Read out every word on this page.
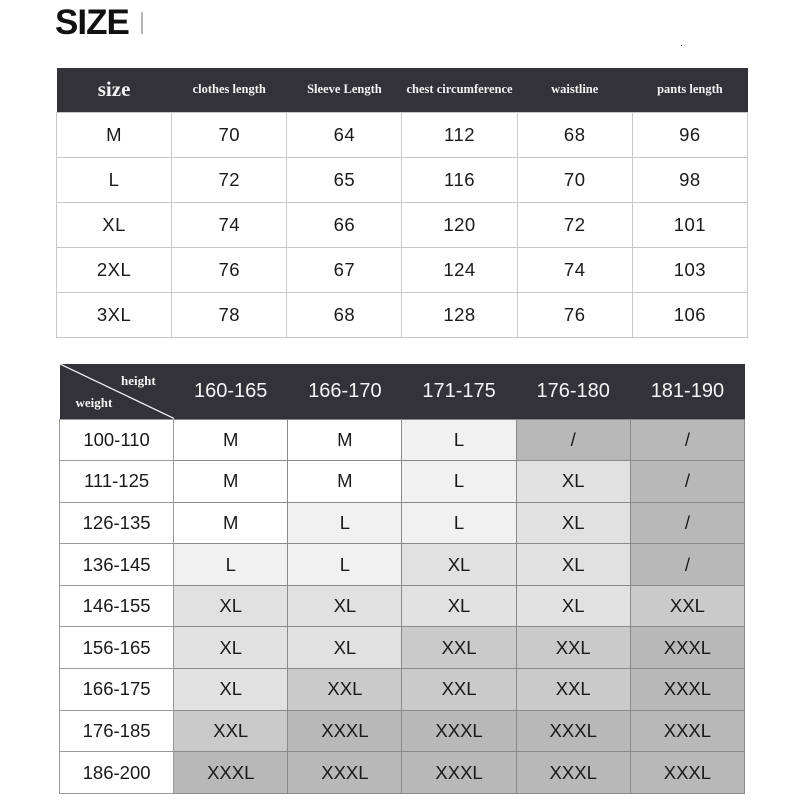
SIZE
size	clothes length	Sleeve Length	chest circumference	waistline	pants length
M	70	64	112	68	96
L	72	65	116	70	98
XL	74	66	120	72	101
2XL	76	67	124	74	103
3XL	78	68	128	76	106
height
weight	160-165	166-170	171-175	176-180	181-190
100-110	M	M	L	/	/
111-125	M	M	L	XL	/
126-135	M	L	L	XL	/
136-145	L	L	XL	XL	/
146-155	XL	XL	XL	XL	XXL
156-165	XL	XL	XXL	XXL	XXXL
166-175	XL	XXL	XXL	XXL	XXXL
176-185	XXL	XXXL	XXXL	XXXL	XXXL
186-200	XXXL	XXXL	XXXL	XXXL	XXXL
